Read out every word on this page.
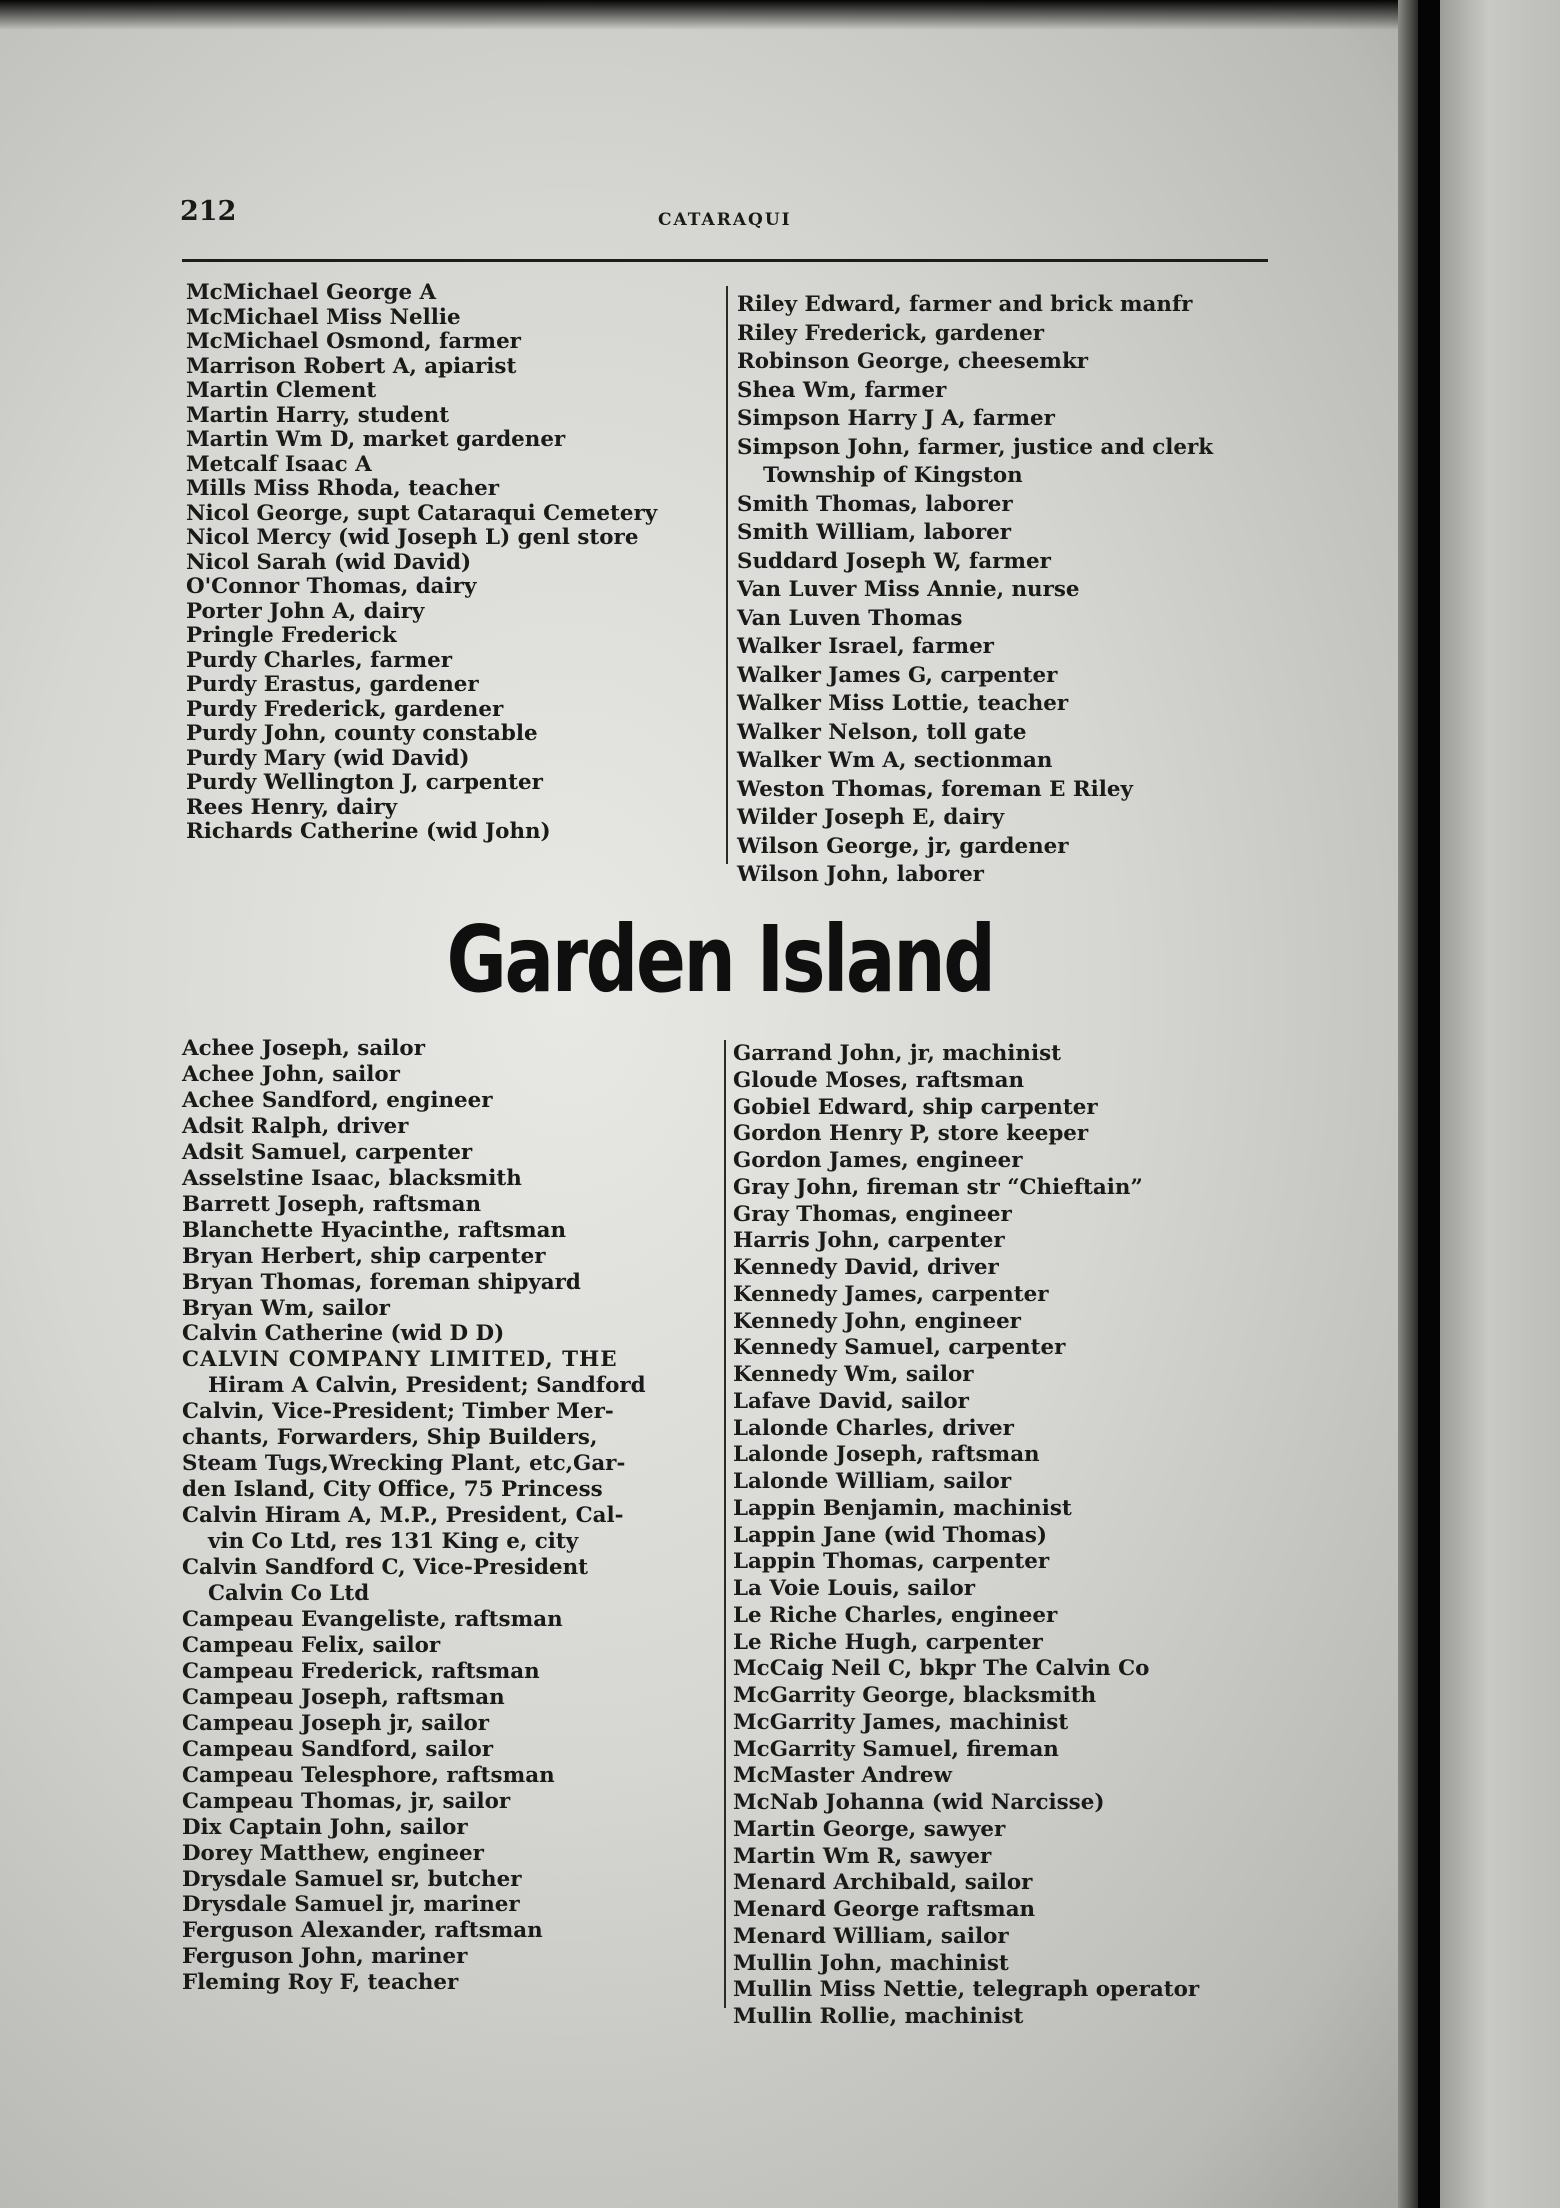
212	CATARAQUI
McMichael George A
McMichael Miss Nellie
McMichael Osmond, farmer
Marrison Robert A, apiarist
Martin Clement
Martin Harry, student
Martin Wm D, market gardener
Metcalf Isaac A
Mills Miss Rhoda, teacher
Nicol George, supt Cataraqui Cemetery
Nicol Mercy (wid Joseph L) genl store
Nicol Sarah (wid David)
O'Connor Thomas, dairy
Porter John A, dairy
Pringle Frederick
Purdy Charles, farmer
Purdy Erastus, gardener
Purdy Frederick, gardener
Purdy John, county constable
Purdy Mary (wid David)
Purdy Wellington J, carpenter
Rees Henry, dairy
Richards Catherine (wid John)
Riley Edward, farmer and brick manfr
Riley Frederick, gardener
Robinson George, cheesemkr
Shea Wm, farmer
Simpson Harry J A, farmer
Simpson John, farmer, justice and clerk
Township of Kingston
Smith Thomas, laborer
Smith William, laborer
Suddard Joseph W, farmer
Van Luver Miss Annie, nurse
Van Luven Thomas
Walker Israel, farmer
Walker James G, carpenter
Walker Miss Lottie, teacher
Walker Nelson, toll gate
Walker Wm A, sectionman
Weston Thomas, foreman E Riley
Wilder Joseph E, dairy
Wilson George, jr, gardener
Wilson John, laborer
Garden Island
Achee Joseph, sailor
Achee John, sailor
Achee Sandford, engineer
Adsit Ralph, driver
Adsit Samuel, carpenter
Asselstine Isaac, blacksmith
Barrett Joseph, raftsman
Blanchette Hyacinthe, raftsman
Bryan Herbert, ship carpenter
Bryan Thomas, foreman shipyard
Bryan Wm, sailor
Calvin Catherine (wid D D)
CALVIN COMPANY LIMITED, THE
Hiram A Calvin, President; Sandford
Calvin, Vice-President; Timber Mer-
chants, Forwarders, Ship Builders,
Steam Tugs,Wrecking Plant, etc,Gar-
den Island, City Office, 75 Princess
Calvin Hiram A, M.P., President, Cal-
vin Co Ltd, res 131 King e, city
Calvin Sandford C, Vice-President
Calvin Co Ltd
Campeau Evangeliste, raftsman
Campeau Felix, sailor
Campeau Frederick, raftsman
Campeau Joseph, raftsman
Campeau Joseph jr, sailor
Campeau Sandford, sailor
Campeau Telesphore, raftsman
Campeau Thomas, jr, sailor
Dix Captain John, sailor
Dorey Matthew, engineer
Drysdale Samuel sr, butcher
Drysdale Samuel jr, mariner
Ferguson Alexander, raftsman
Ferguson John, mariner
Fleming Roy F, teacher
Garrand John, jr, machinist
Gloude Moses, raftsman
Gobiel Edward, ship carpenter
Gordon Henry P, store keeper
Gordon James, engineer
Gray John, fireman str “Chieftain”
Gray Thomas, engineer
Harris John, carpenter
Kennedy David, driver
Kennedy James, carpenter
Kennedy John, engineer
Kennedy Samuel, carpenter
Kennedy Wm, sailor
Lafave David, sailor
Lalonde Charles, driver
Lalonde Joseph, raftsman
Lalonde William, sailor
Lappin Benjamin, machinist
Lappin Jane (wid Thomas)
Lappin Thomas, carpenter
La Voie Louis, sailor
Le Riche Charles, engineer
Le Riche Hugh, carpenter
McCaig Neil C, bkpr The Calvin Co
McGarrity George, blacksmith
McGarrity James, machinist
McGarrity Samuel, fireman
McMaster Andrew
McNab Johanna (wid Narcisse)
Martin George, sawyer
Martin Wm R, sawyer
Menard Archibald, sailor
Menard George raftsman
Menard William, sailor
Mullin John, machinist
Mullin Miss Nettie, telegraph operator
Mullin Rollie, machinist
